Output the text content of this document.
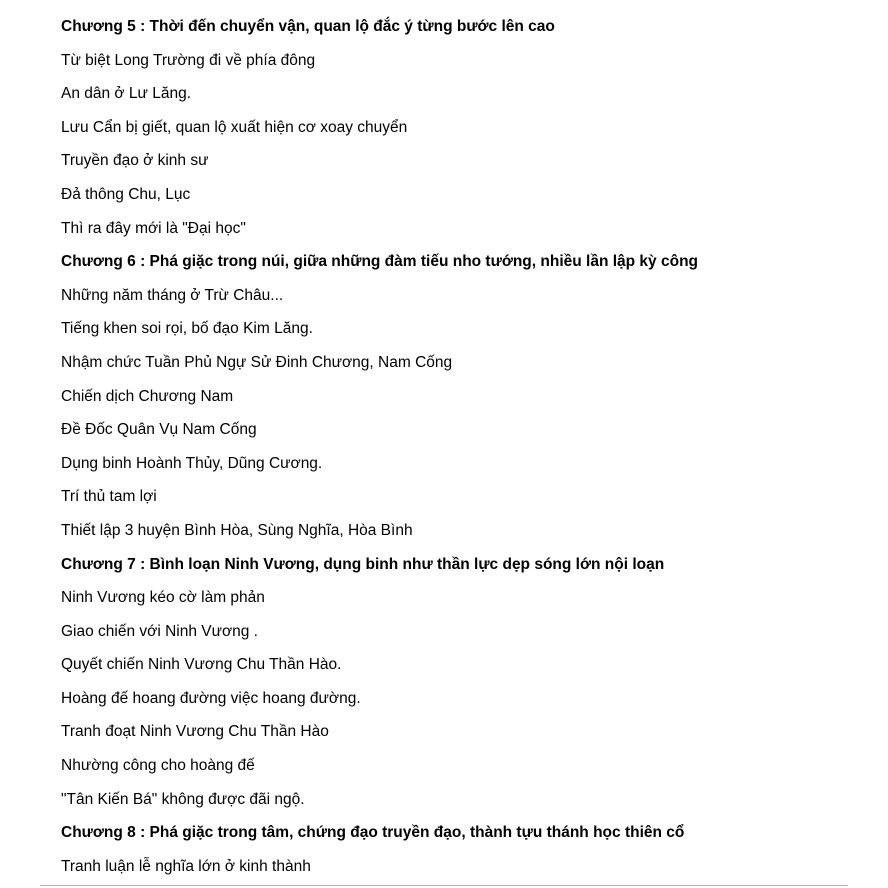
Chương 5 : Thời đến chuyển vận, quan lộ đắc ý từng bước lên cao
Từ biệt Long Trường đi về phía đông
An dân ở Lư Lăng.
Lưu Cẩn bị giết, quan lộ xuất hiện cơ xoay chuyển
Truyền đạo ở kinh sư
Đả thông Chu, Lục
Thì ra đây mới là "Đại học"
Chương 6 : Phá giặc trong núi, giữa những đàm tiếu nho tướng, nhiều lần lập kỳ công
Những năm tháng ở Trừ Châu...
Tiếng khen soi rọi, bố đạo Kim Lăng.
Nhậm chức Tuần Phủ Ngự Sử Đinh Chương, Nam Cống
Chiến dịch Chương Nam
Đề Đốc Quân Vụ Nam Cống
Dụng binh Hoành Thủy, Dũng Cương.
Trí thủ tam lợi
Thiết lập 3 huyện Bình Hòa, Sùng Nghĩa, Hòa Bình
Chương 7 : Bình loạn Ninh Vương, dụng binh như thần lực dẹp sóng lớn nội loạn
Ninh Vương kéo cờ làm phản
Giao chiến với Ninh Vương .
Quyết chiến Ninh Vương Chu Thần Hào.
Hoàng đế hoang đường việc hoang đường.
Tranh đoạt Ninh Vương Chu Thần Hào
Nhường công cho hoàng đế
"Tân Kiến Bá" không được đãi ngộ.
Chương 8 : Phá giặc trong tâm, chứng đạo truyền đạo, thành tựu thánh học thiên cổ
Tranh luận lễ nghĩa lớn ở kinh thành
